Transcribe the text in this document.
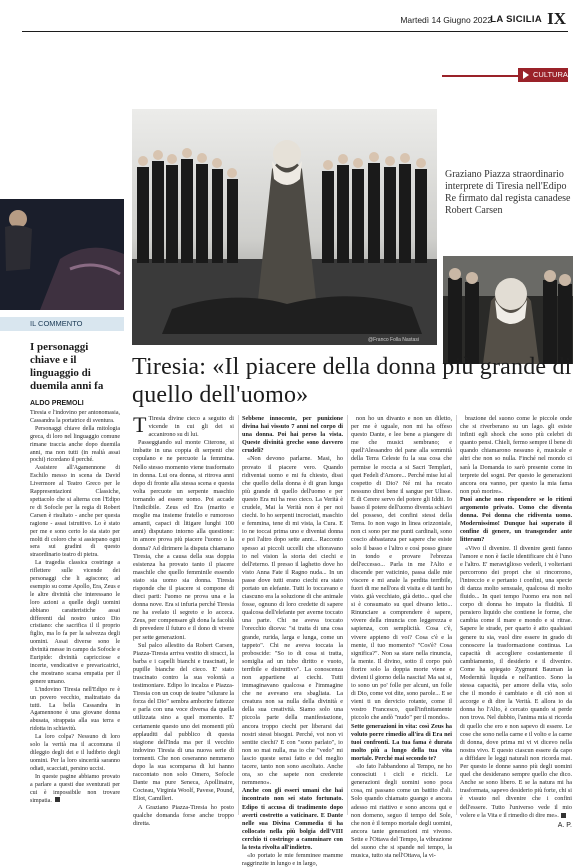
Martedì 14 Giugno 2022
LA SICILIA IX
CULTURA
@Franco Folla Nastasi
Graziano Piazza straordinario interprete di Tiresia nell'Edipo Re firmato dal regista canadese Robert Carsen
IL COMMENTO
I personaggi chiave e il linguaggio di duemila anni fa
ALDO PREMOLI

Tiresia e l'indovino per antonomasia, Cassandra la portatrice di sventura.

Personaggi chiave della mitologia greca, di loro nel linguaggio comune rimane traccia anche dopo duemila anni, ma non tutti (in realtà assai pochi) ricordano il perché.

Assistere all'Agamennone di Eschilo messo in scena da David Livermore al Teatro Greco per le Rappresentazioni Classiche, spettacolo che si alterna con l'Edipo re di Sofocle per la regia di Robert Carsen è risultato - anche per questa ragione - assai istruttivo. Lo è stato per me e sono certo lo sia stato per molti di coloro che si assiepano ogni sera sui gradini di questo straordinario teatro di pietra.

La tragedia classica costringe a riflettere sulle vicende dei personaggi che li agiscono; ad esempio su come Apollo, Era, Zeus e le altre divinità che interessano le loro azioni a quelle degli uomini abbiano caratteristiche assai differenti dal nostro unico Dio cristiano: che sacrifica il il proprio figlio, ma lo fa per la salvezza degli uomini. Assai diverse sono le divinità messe in campo da Sofocle e Euripide: divinità capricciose e incerte, vendicative e prevaricatrici, che mostrano scarsa empatia per il genere umano.

L'indovino Tiresia nell'Edipo re è un povero vecchio, maltrattato da tutti. La bella Cassandra in Agamennone è una giovane donna abusata, strappata alla sua terra e ridotta in schiavitù.

La loro colpa? Nessuno di loro solo la verità ma il accomuna il dileggio degli dei e il ludibrio degli uomini. Per la loro sincerità saranno odiati, scacciati, persino uccisi.

In queste pagine abbiamo provato a parlare a questi due sventurati per cui è impossibile non trovare simpatia.

Tiresia: «Il piacere della donna più grande di quello dell'uomo»

T Tiresia divine cieco a seguito di vicende in cui gli dei si accanirono su di lui.

Passeggiando sul monte Citerone, si imbatte in una coppia di serpenti che copulano e ne percuote la femmina. Nello stesso momento viene trasformato in donna. Lui ora donna, si ritrova anni dopo di fronte alla stessa scena e questa volta percuote un serpente maschio tornando ad essere uomo. Poi accade l'indicibile. Zeus ed Era (marito e moglie ma insieme fratello e rumoroso amanti, capaci di litigare lunghi 100 anni) disputano intorno alla questione: in amore prova più piacere l'uomo o la donna? Ad dirimere la disputa chiamano Tiresia, che a causa della sua doppia esistenza ha provato tanto il piacere maschile che quello femminile essendo stato sia uomo sia donna. Tiresia risponde che il piacere si compone di dieci parti: l'uomo ne prova una e la donna nove. Era si infuria perché Tiresia ne ha svelato il segreto e lo acceca. Zeus, per compensare gli dona la facoltà di prevedere il futuro e il dono di vivere per sette generazioni.

Sul palco allestito da Robert Carsen, Piazza-Tiresia arriva vestito di stracci, la barba e i capelli bianchi e trascinati, le pupille bianche del cieco. E' stato trascinato contro la sua volontà a testimoniare. Edipo lo incalza e Piazza-Tiresia con un coup de teatre "silurare la forza del Dio" sembra amborire fattezze e parla con una voce diversa da quella utilizzata sino a quel momento. E' certamente questo uno dei momenti più applauditi dal pubblico di questa stagione dell'Inda ma per il vecchio indovino Tiresia di una nuova serie di tormenti. Che non ceseranno nemmeno dopo la sua scomparsa di lui hanno raccontato non solo Omero, Sofocle Dante ma pure Seneca, Apollinaire, Cocteau, Virginia Woolf, Pavese, Pound, Eliot, Camilleri.

A Graziano Piazza-Tiresia ho posto qualche domanda forse anche troppo diretta.

Sebbene innocente, per punizione divina hai vissuto 7 anni nel corpo di una donna. Poi hai perso la vista. Queste divinità greche sono davvero crudeli?

«Non devono parlarne. Masi, ho provato il piacere vero. Quando ridiventai uomo e mi fu chiesto, dissi che quello della donna è di gran lunga più grande di quello dell'uomo e per questo Era mi ha reso cieco. La Verità è crudele, Mai la Verità non è per noi ciechi. Io ho serpenti incrociati, maschio e femmina, tene di mi vista, la Cura. E io ne toccai prima uno e diventai donna e poi l'altro dopo sette anni... Racconto spesso ai piccoli uccelli che sfioravano io nel vision la storia dei ciechi e dell'eterno. Il presso il laghetto dove ho visto Anna Fate il Ragno nuda... In un passe dove tutti erano ciechi era stato portato un elefante. Tutti lo toccavano e ciascuno era la soluzione di che animale fosse, ognuno di loro credette di sapere qualcosa dell'elefante per averne toccato una parte. Chi ne aveva toccato l'orecchio diceva: "si tratta di una cosa grande, rurida, larga e lunga, come un tappeto". Chi ne aveva toccata la proboscide: "So io di cosa si tratta, somiglia ad un tubo diritto e vuoto, terribile e distruttivo". La conoscenza non appartiene ai ciechi. Tutti immaginavano qualcosa e l'immagine che ne avevano era sbagliata. La creatura non sa nulla della divinità e della sua creatività. Siamo solo una piccola parte della manifestazione, ancora troppo ciechi per liberarsi dai nostri stessi bisogni. Perché, voi non vi sentite ciechi? E con "sono parlato", io non so mai nulla, ma io che "vedo" mi lascio queste sensi fatto e del meglio tacere, tanto non sono ascoltato. Anche ora, so che sapete non crederete nemmeno».

Anche con gli esseri umani che hai incontrato non sei stato fortunato. Edipo ti accusa di tradimento dopo averti costretto a vaticinare. E Dante nelle sua Divina Commedia ti ha collocato nella più bolgia dell'VIII cerchio ti costringe a camminare con la testa rivolta all'indietro.

«Io portato le mie femminee mamme raggrinzite in lungo e in largo,

non ho un divanto e non un diletto, per me è uguale, non mi ha offeso questo Dante, e lee bene a piangere di me che musici sembrano; e quell'Alessandro del pane alla sommità della Terra Celeste fu la sua cosa che permise le roccia a si Sacri Templari, quei Fedeli d'Amore... Perché mise lui al cospetto di Dio? Né mi ha recato nessuno direi bene il sangue per Ulisse. E di Cerere servo del potere gli Iddii. Io basso il potere dell'uomo diventa schiavi del posseso, dei confini stessi della Terra. Io non vago in linea orizzontale, non ci sono per me punti cardinali, sono coscio abbastanza per sapere che esiste solo il basso e l'altro e così posso girare in tondo e provare l'ebrezza dell'eccesso... Parla in me l'Alto e discende per vaticinio, passa dalle mie viscere e mi anale la perdita terribile, fuori di me nell'ora di visita e di tanti ho visto. già vecchiato, già detto... quel che si è consumato su quel divano letto... Rinunciare a comprendere è sapere, vivere della rinuncia con leggerezza e sapienza, con semplicità. Cosa c'è, vivere appieno di voi? Cosa c'è e la mente, il tuo momento? "Cos'è? Cosa significa?". Non sa stare nella rinuncia, la mente. Il divino, sotto il corpo può fiorire solo la doppia morte viene e divieni il giorno della nascita! Ma sai si, io sono un po' folle per alcuni, un folle di Dio, come voi dite, sono parole... E se vieni ti un dervicio rotante, come il vostro Francesco, quell'infinitamente piccolo che andò "nudo" per il mondo».

Sette generazioni in vita: così Zeus ha voluto porre rimedio all'ira di Era nei tuoi confronti. La tua fama è durata molto più a lungo della tua vita mortale. Perché mai secondo te?

«Io fato l'abbandono al Tempo, ne ho conosciuti i cicli e ricicli. Le generazioni degli uomini sono poca cosa, mi passano come un battito d'ali. Solo quando chiamato guango e ancora adesso mi riattivo e sono ancora qui e non domeno, seguo il tempo del Sole, che non è il tempo mortale degli uomini, ancora tante generazioni mi vivono. Sette e l'Ottava del Tempo, la vibrazione del suono che si spande nel tempo, la musica, tutto sta nell'Ottava, la vi-

brazione del suono come le piccole onde che si riverberano su un lago. gli esiste infinti egli shock che sono più celebri di quanto pensi. Chieli, fermo sempre il bene di quando chiamarono nessuno è, musicale e altri che non so nulla. Finché nel mondo ci sarà la Domanda io sarò presente come in terprete del sogni. Per questo le generazioni ancora ora vanno, per questo la mia fama non può morire».

Puoi anche non rispondere se lo ritieni argomento privato. Uomo che diventa donna. Poi donna che ridiventa uomo. Modernissimo! Dunque hai superato il confine di genere, un transgender ante litteram?

«Vivo il divenire. Il divenire genti fanno l'amore e non è facile identificare chi è l'uno e l'altro. E' meraviglioso vederli, i volteriani percorrono dei propri che si rincorrono, l'intreccio e e pertanto i confini, una specie di danza molto sensuale, qualcosa di molto fluido... In quei tempo l'uomo era non nel corpo di donna ho impato la fluidità. Il pensiero liquido che contiene le forme, che cambia come il mare e mondo e si ritrae. Sapere le strade, per quarto è atto qualsiasi genere tu sia, vuol dire essere in grado di conoscere la trasformazione continua. La capacità di accogliere costantemente il cambiamento, il desiderio e il divenire. Come ha spiegato Zygmunt Bauman la Modernità liquida e nell'antico. Sono la stessa capacità, per amore della vita, solo che il mondo è cambiato e di ciò non si accorge e di dire la Verità. E allora io da donna ho l'Alto, è cercato quando si perde non trova. Nel dubbio, l'anima mia si ricorda di quello che ero e non sapevo di essere. Le cose che sono nella carne e il volto e la carne di donna, dove prima mi vi vi dicevo nella nostra vivo. E questo ciascun essere da capo a diffidare le leggi naturali non ricorda mai. Per questo le donne sanno più degli uomini quel che desiderano sempre quello che dico. Anche se sono libero. E se la natura mi ha trasformata, sapevo desiderio più forte, chi si è vissuto nel divenire che i confini dell'essere. Tutto l'universo vede il mio volere e la Vita e il rimedio di dire me».

A. P.
